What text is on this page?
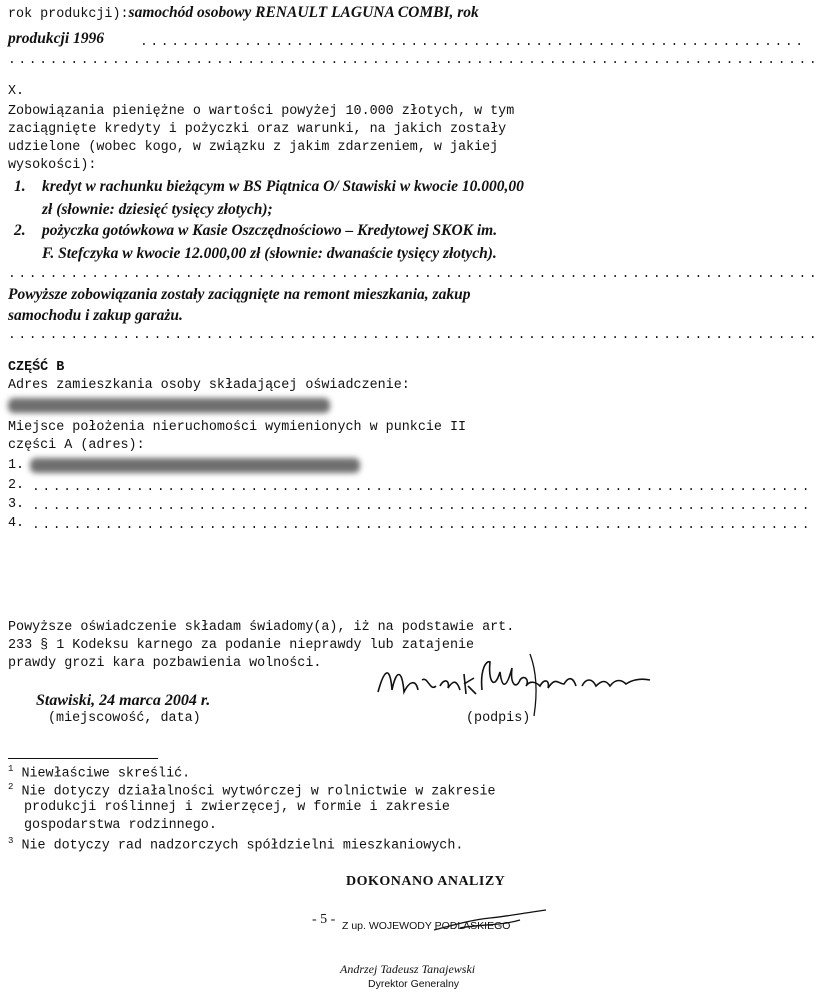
rok produkcji):samochód osobowy RENAULT LAGUNA COMBI, rok
produkcji 1996	................................................................
..............................................................................
X.
Zobowiązania pieniężne o wartości powyżej 10.000 złotych, w tym
zaciągnięte kredyty i pożyczki oraz warunki, na jakich zostały
udzielone (wobec kogo, w związku z jakim zdarzeniem, w jakiej
wysokości):
1. kredyt w rachunku bieżącym w BS Piątnica O/ Stawiski w kwocie 10.000,00
zł (słownie: dziesięć tysięcy złotych);
2. pożyczka gotówkowa w Kasie Oszczędnościowo – Kredytowej SKOK im.
F. Stefczyka w kwocie 12.000,00 zł (słownie: dwanaście tysięcy złotych).
..............................................................................
Powyższe zobowiązania zostały zaciągnięte na remont mieszkania, zakup
samochodu i zakup garażu.
..............................................................................
CZĘŚĆ B
Adres zamieszkania osoby składającej oświadczenie:
Miejsce położenia nieruchomości wymienionych w punkcie II
części A (adres):
1.
2. ...........................................................................
3. ...........................................................................
4. ...........................................................................
Powyższe oświadczenie składam świadomy(a), iż na podstawie art.
233 § 1 Kodeksu karnego za podanie nieprawdy lub zatajenie
prawdy grozi kara pozbawienia wolności.
Stawiski, 24 marca 2004 r.
(miejscowość, data)	(podpis)
$^1$ Niewłaściwe skreślić.
$^2$ Nie dotyczy działalności wytwórczej w rolnictwie w zakresie
produkcji roślinnej i zwierzęcej, w formie i zakresie
gospodarstwa rodzinnego.
$^3$ Nie dotyczy rad nadzorczych spółdzielni mieszkaniowych.
DOKONANO ANALIZY
- 5 - Z up. WOJEWODY PODLASKIEGO
Andrzej Tadeusz Tanajewski
Dyrektor Generalny
